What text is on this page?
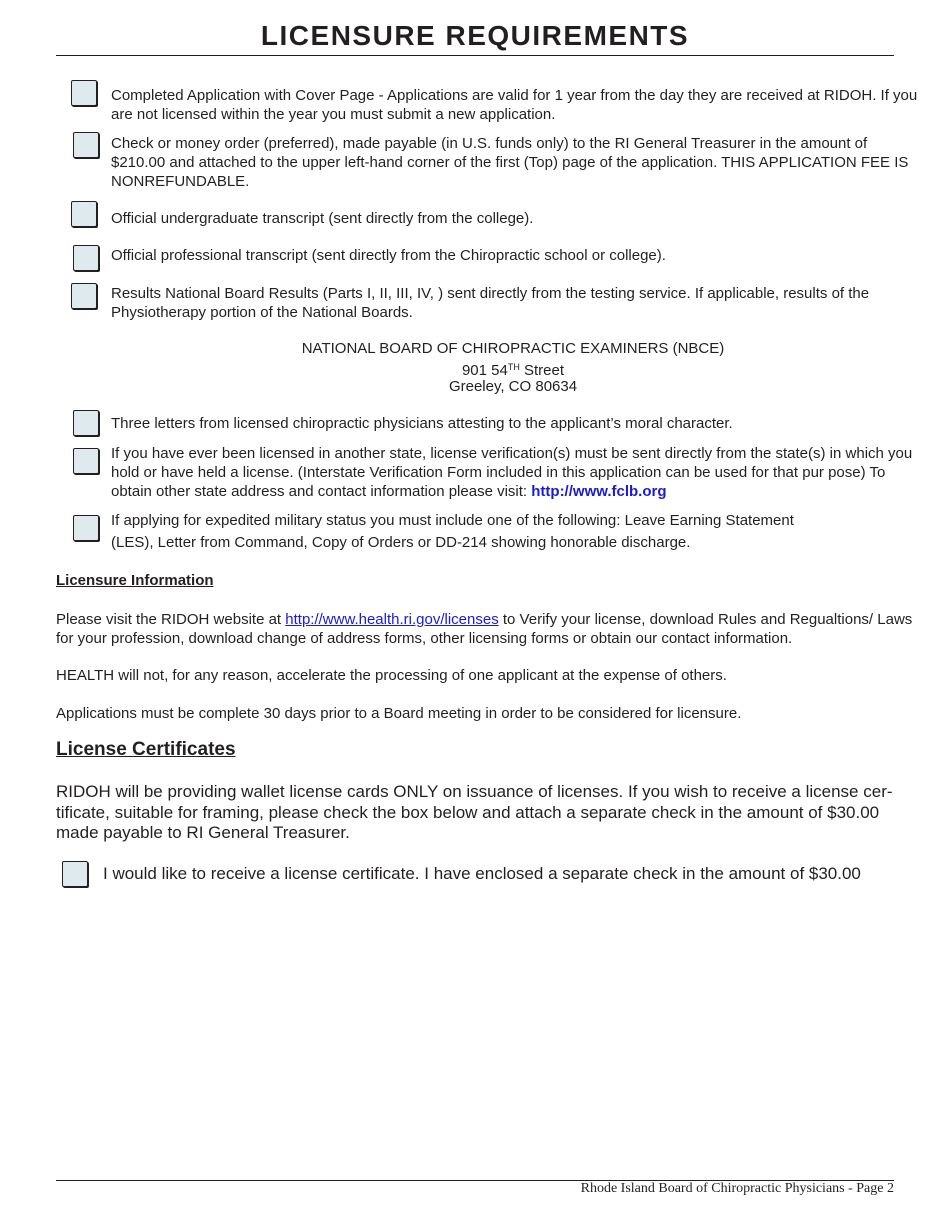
LICENSURE REQUIREMENTS
Completed Application with Cover Page - Applications are valid for 1 year from the day they are received at RIDOH. If you are not licensed within the year you must submit a new application.
Check or money order (preferred), made payable (in U.S. funds only) to the RI General Treasurer in the amount of $210.00 and attached to the upper left-hand corner of the first (Top) page of the application. THIS APPLICATION FEE IS NONREFUNDABLE.
Official undergraduate transcript (sent directly from the college).
Official professional transcript (sent directly from the Chiropractic school or college).
Results National Board Results (Parts I, II, III, IV, ) sent directly from the testing service. If applicable, results of the Physiotherapy portion of the National Boards.
NATIONAL BOARD OF CHIROPRACTIC EXAMINERS (NBCE)
901 54TH Street
Greeley, CO 80634
Three letters from licensed chiropractic physicians attesting to the applicant’s moral character.
If you have ever been licensed in another state, license verification(s) must be sent directly from the state(s) in which you hold or have held a license. (Interstate Verification Form included in this application can be used for that pur pose) To obtain other state address and contact information please visit: http://www.fclb.org
If applying for expedited military status you must include one of the following: Leave Earning Statement
(LES), Letter from Command, Copy of Orders or DD-214 showing honorable discharge.
Licensure Information
Please visit the RIDOH website at http://www.health.ri.gov/licenses to Verify your license, download Rules and Regualtions/ Laws for your profession, download change of address forms, other licensing forms or obtain our contact information.
HEALTH will not, for any reason, accelerate the processing of one applicant at the expense of others.
Applications must be complete 30 days prior to a Board meeting in order to be considered for licensure.
License Certificates
RIDOH will be providing wallet license cards ONLY on issuance of licenses. If you wish to receive a license cer- tificate, suitable for framing, please check the box below and attach a separate check in the amount of $30.00 made payable to RI General Treasurer.
I would like to receive a license certificate. I have enclosed a separate check in the amount of $30.00
Rhode Island Board of Chiropractic Physicians - Page 2
